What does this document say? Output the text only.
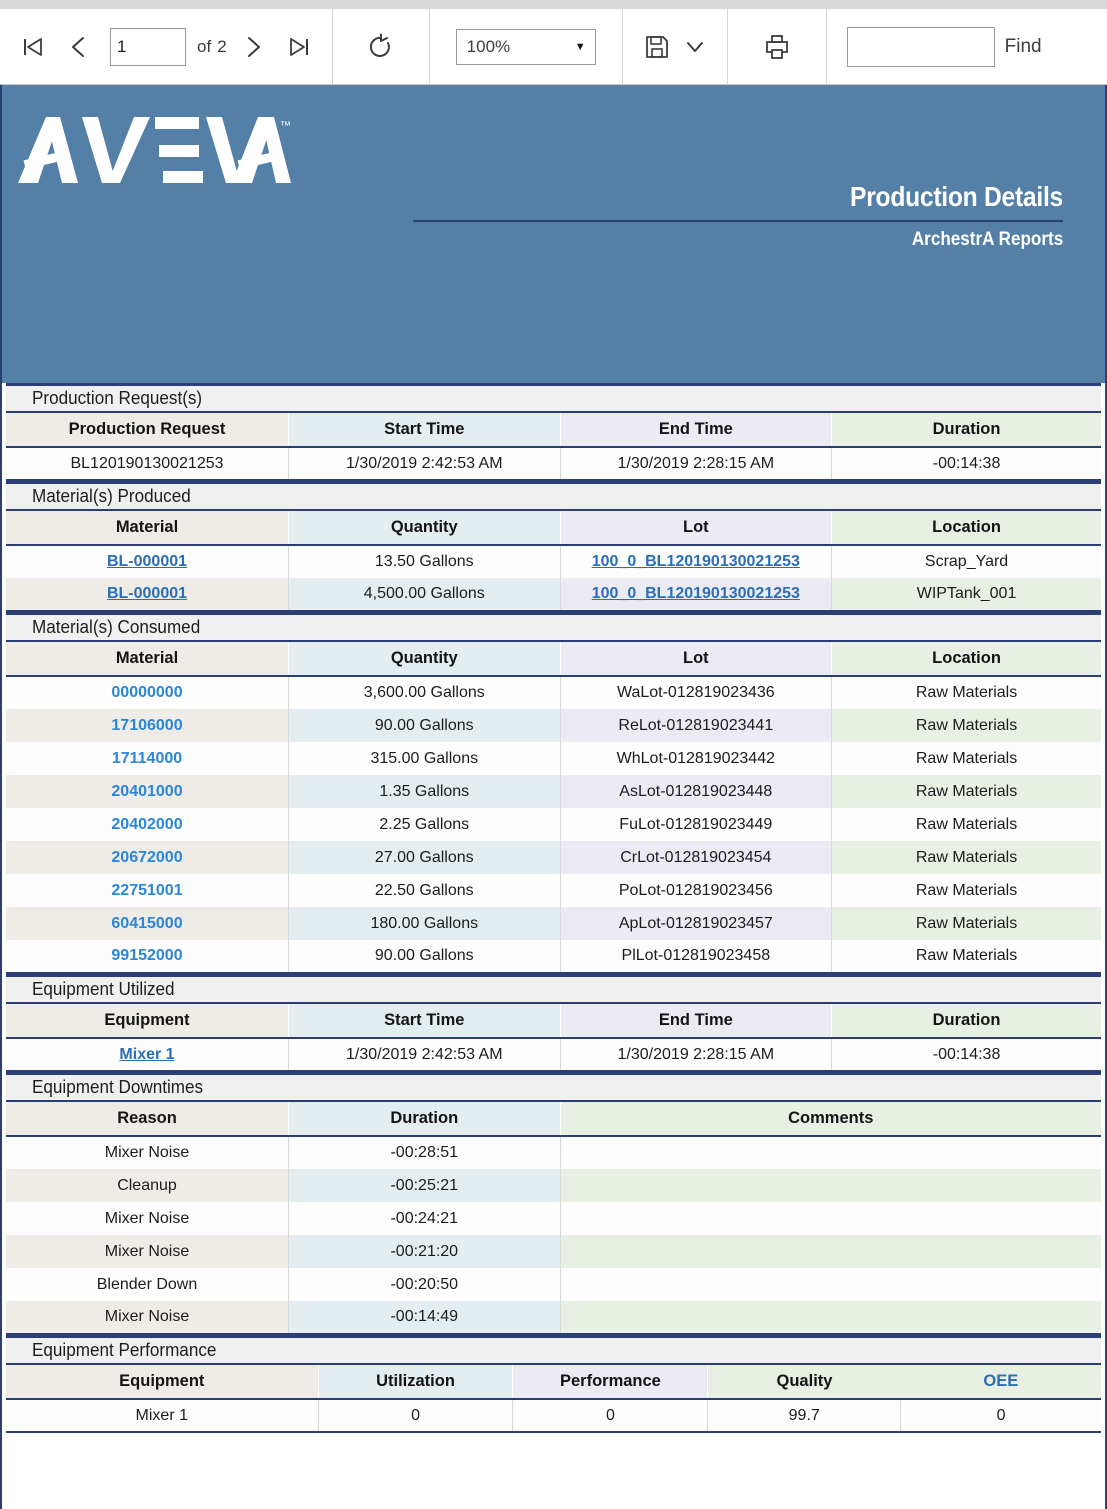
1
of 2	100%	▼	Find
™
Production Details
ArchestrA Reports
Production Request(s)
Production Request	Start Time	End Time	Duration
BL120190130021253	1/30/2019 2:42:53 AM	1/30/2019 2:28:15 AM	-00:14:38
Material(s) Produced
Material	Quantity	Lot	Location
BL-000001	13.50 Gallons	100_0_BL120190130021253	Scrap_Yard
BL-000001	4,500.00 Gallons	100_0_BL120190130021253	WIPTank_001
Material(s) Consumed
Material	Quantity	Lot	Location
00000000	3,600.00 Gallons	WaLot-012819023436	Raw Materials
17106000	90.00 Gallons	ReLot-012819023441	Raw Materials
17114000	315.00 Gallons	WhLot-012819023442	Raw Materials
20401000	1.35 Gallons	AsLot-012819023448	Raw Materials
20402000	2.25 Gallons	FuLot-012819023449	Raw Materials
20672000	27.00 Gallons	CrLot-012819023454	Raw Materials
22751001	22.50 Gallons	PoLot-012819023456	Raw Materials
60415000	180.00 Gallons	ApLot-012819023457	Raw Materials
99152000	90.00 Gallons	PlLot-012819023458	Raw Materials
Equipment Utilized
Equipment	Start Time	End Time	Duration
Mixer 1	1/30/2019 2:42:53 AM	1/30/2019 2:28:15 AM	-00:14:38
Equipment Downtimes
Reason	Duration	Comments
Mixer Noise	-00:28:51	
Cleanup	-00:25:21	
Mixer Noise	-00:24:21	
Mixer Noise	-00:21:20	
Blender Down	-00:20:50	
Mixer Noise	-00:14:49	
Equipment Performance
Equipment	Utilization	Performance	Quality	OEE
Mixer 1	0	0	99.7	0
